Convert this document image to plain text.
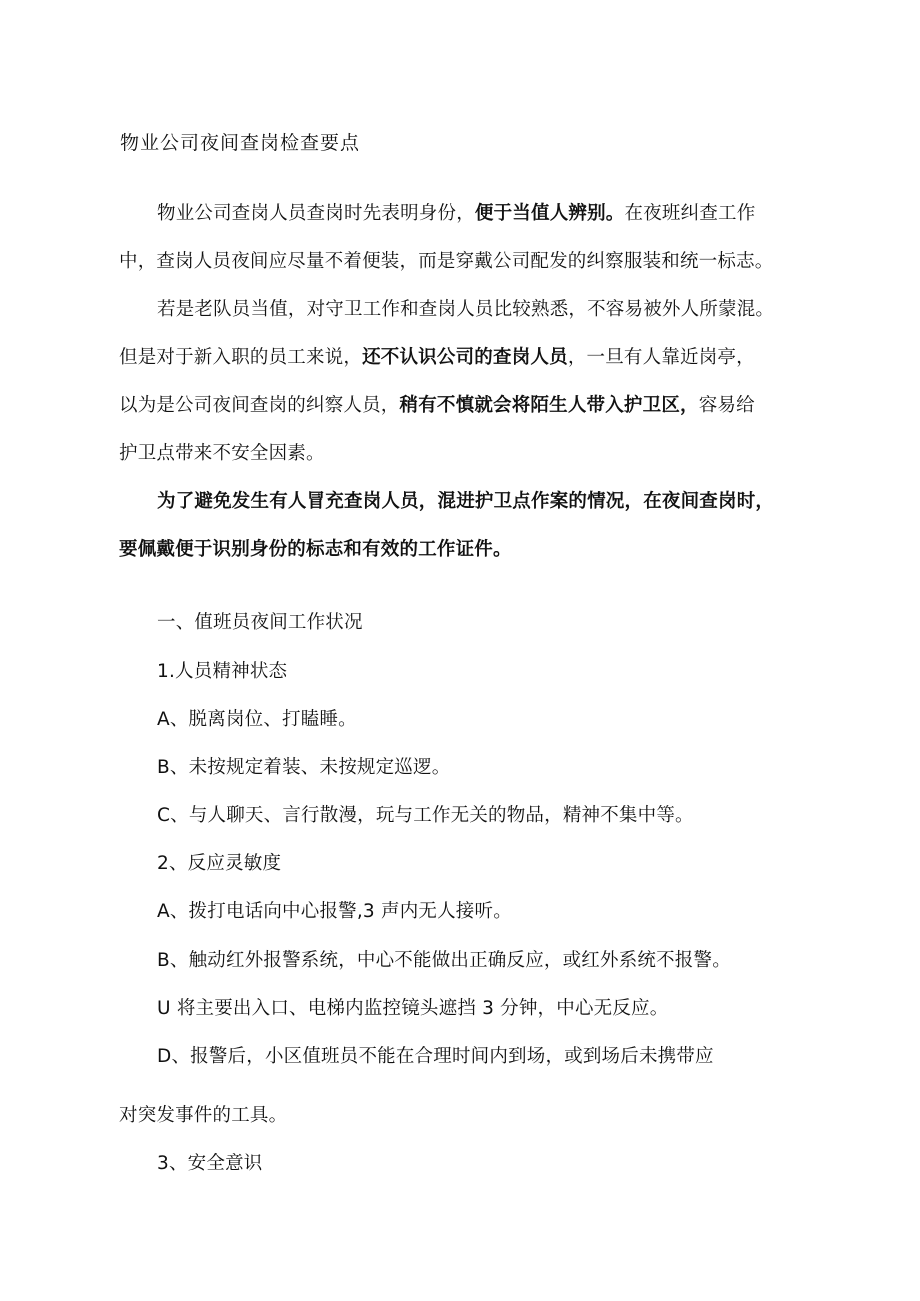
物业公司夜间查岗检查要点
物业公司查岗人员查岗时先表明身份，便于当值人辨别。在夜班纠查工作
中，查岗人员夜间应尽量不着便装，而是穿戴公司配发的纠察服装和统一标志。
若是老队员当值，对守卫工作和查岗人员比较熟悉，不容易被外人所蒙混。
但是对于新入职的员工来说，还不认识公司的查岗人员，一旦有人靠近岗亭，
以为是公司夜间查岗的纠察人员，稍有不慎就会将陌生人带入护卫区，容易给
护卫点带来不安全因素。
为了避免发生有人冒充查岗人员，混进护卫点作案的情况，在夜间查岗时，
要佩戴便于识别身份的标志和有效的工作证件。
一、值班员夜间工作状况
1.人员精神状态
A、脱离岗位、打瞌睡。
B、未按规定着装、未按规定巡逻。
C、与人聊天、言行散漫，玩与工作无关的物品，精神不集中等。
2、反应灵敏度
A、拨打电话向中心报警,3 声内无人接听。
B、触动红外报警系统，中心不能做出正确反应，或红外系统不报警。
U 将主要出入口、电梯内监控镜头遮挡 3 分钟，中心无反应。
D、报警后，小区值班员不能在合理时间内到场，或到场后未携带应
对突发事件的工具。
3、安全意识
